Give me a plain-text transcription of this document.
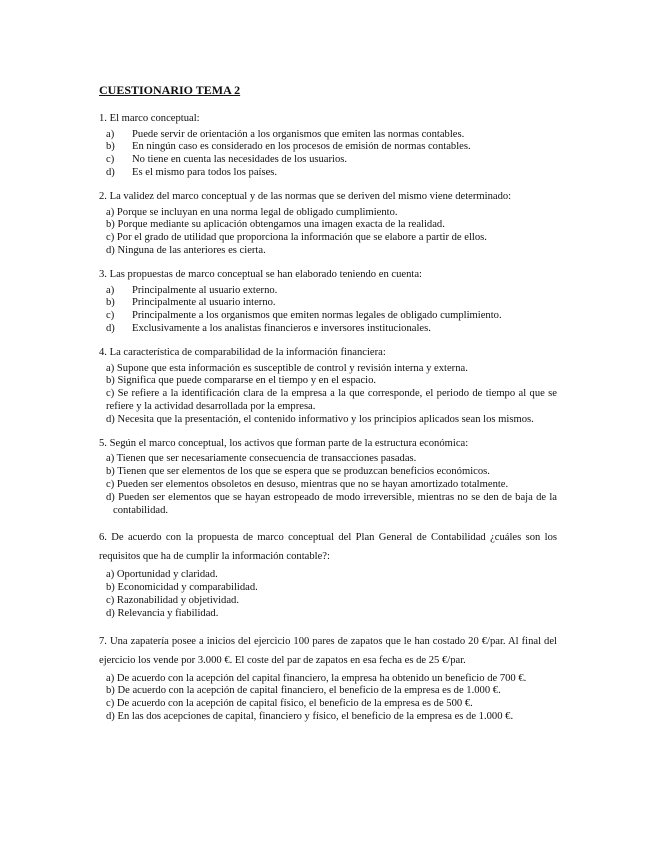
CUESTIONARIO TEMA 2
1. El marco conceptual:
a)	Puede servir de orientación a los organismos que emiten las normas contables.
b)	En ningún caso es considerado en los procesos de emisión de normas contables.
c)	No tiene en cuenta las necesidades de los usuarios.
d)	Es el mismo para todos los países.
2. La validez del marco conceptual y de las normas que se deriven del mismo viene determinado:
a) Porque se incluyan en una norma legal de obligado cumplimiento.
b) Porque mediante su aplicación obtengamos una imagen exacta de la realidad.
c) Por el grado de utilidad que proporciona la información que se elabore a partir de ellos.
d) Ninguna de las anteriores es cierta.
3. Las propuestas de marco conceptual se han elaborado teniendo en cuenta:
a)	Principalmente al usuario externo.
b)	Principalmente al usuario interno.
c)	Principalmente a los organismos que emiten normas legales de obligado cumplimiento.
d)	Exclusivamente a los analistas financieros e inversores institucionales.
4. La característica de comparabilidad de la información financiera:
a) Supone que esta información es susceptible de control y revisión interna y externa.
b) Significa que puede compararse en el tiempo y en el espacio.
c) Se refiere a la identificación clara de la empresa a la que corresponde, el periodo de tiempo al que se refiere y la actividad desarrollada por la empresa.
d) Necesita que la presentación, el contenido informativo y los principios aplicados sean los mismos.
5. Según el marco conceptual, los activos que forman parte de la estructura económica:
a) Tienen que ser necesariamente consecuencia de transacciones pasadas.
b) Tienen que ser elementos de los que se espera que se produzcan beneficios económicos.
c) Pueden ser elementos obsoletos en desuso, mientras que no se hayan amortizado totalmente.
d) Pueden ser elementos que se hayan estropeado de modo irreversible, mientras no se den de baja de la contabilidad.
6. De acuerdo con la propuesta de marco conceptual del Plan General de Contabilidad ¿cuáles son los requisitos que ha de cumplir la información contable?:
a) Oportunidad y claridad.
b) Economicidad y comparabilidad.
c) Razonabilidad y objetividad.
d) Relevancia y fiabilidad.
7. Una zapatería posee a inicios del ejercicio 100 pares de zapatos que le han costado 20 €/par. Al final del ejercicio los vende por 3.000 €. El coste del par de zapatos en esa fecha es de 25 €/par.
a) De acuerdo con la acepción del capital financiero, la empresa ha obtenido un beneficio de 700 €.
b) De acuerdo con la acepción de capital financiero, el beneficio de la empresa es de 1.000 €.
c) De acuerdo con la acepción de capital físico, el beneficio de la empresa es de 500 €.
d) En las dos acepciones de capital, financiero y físico, el beneficio de la empresa es de 1.000 €.
